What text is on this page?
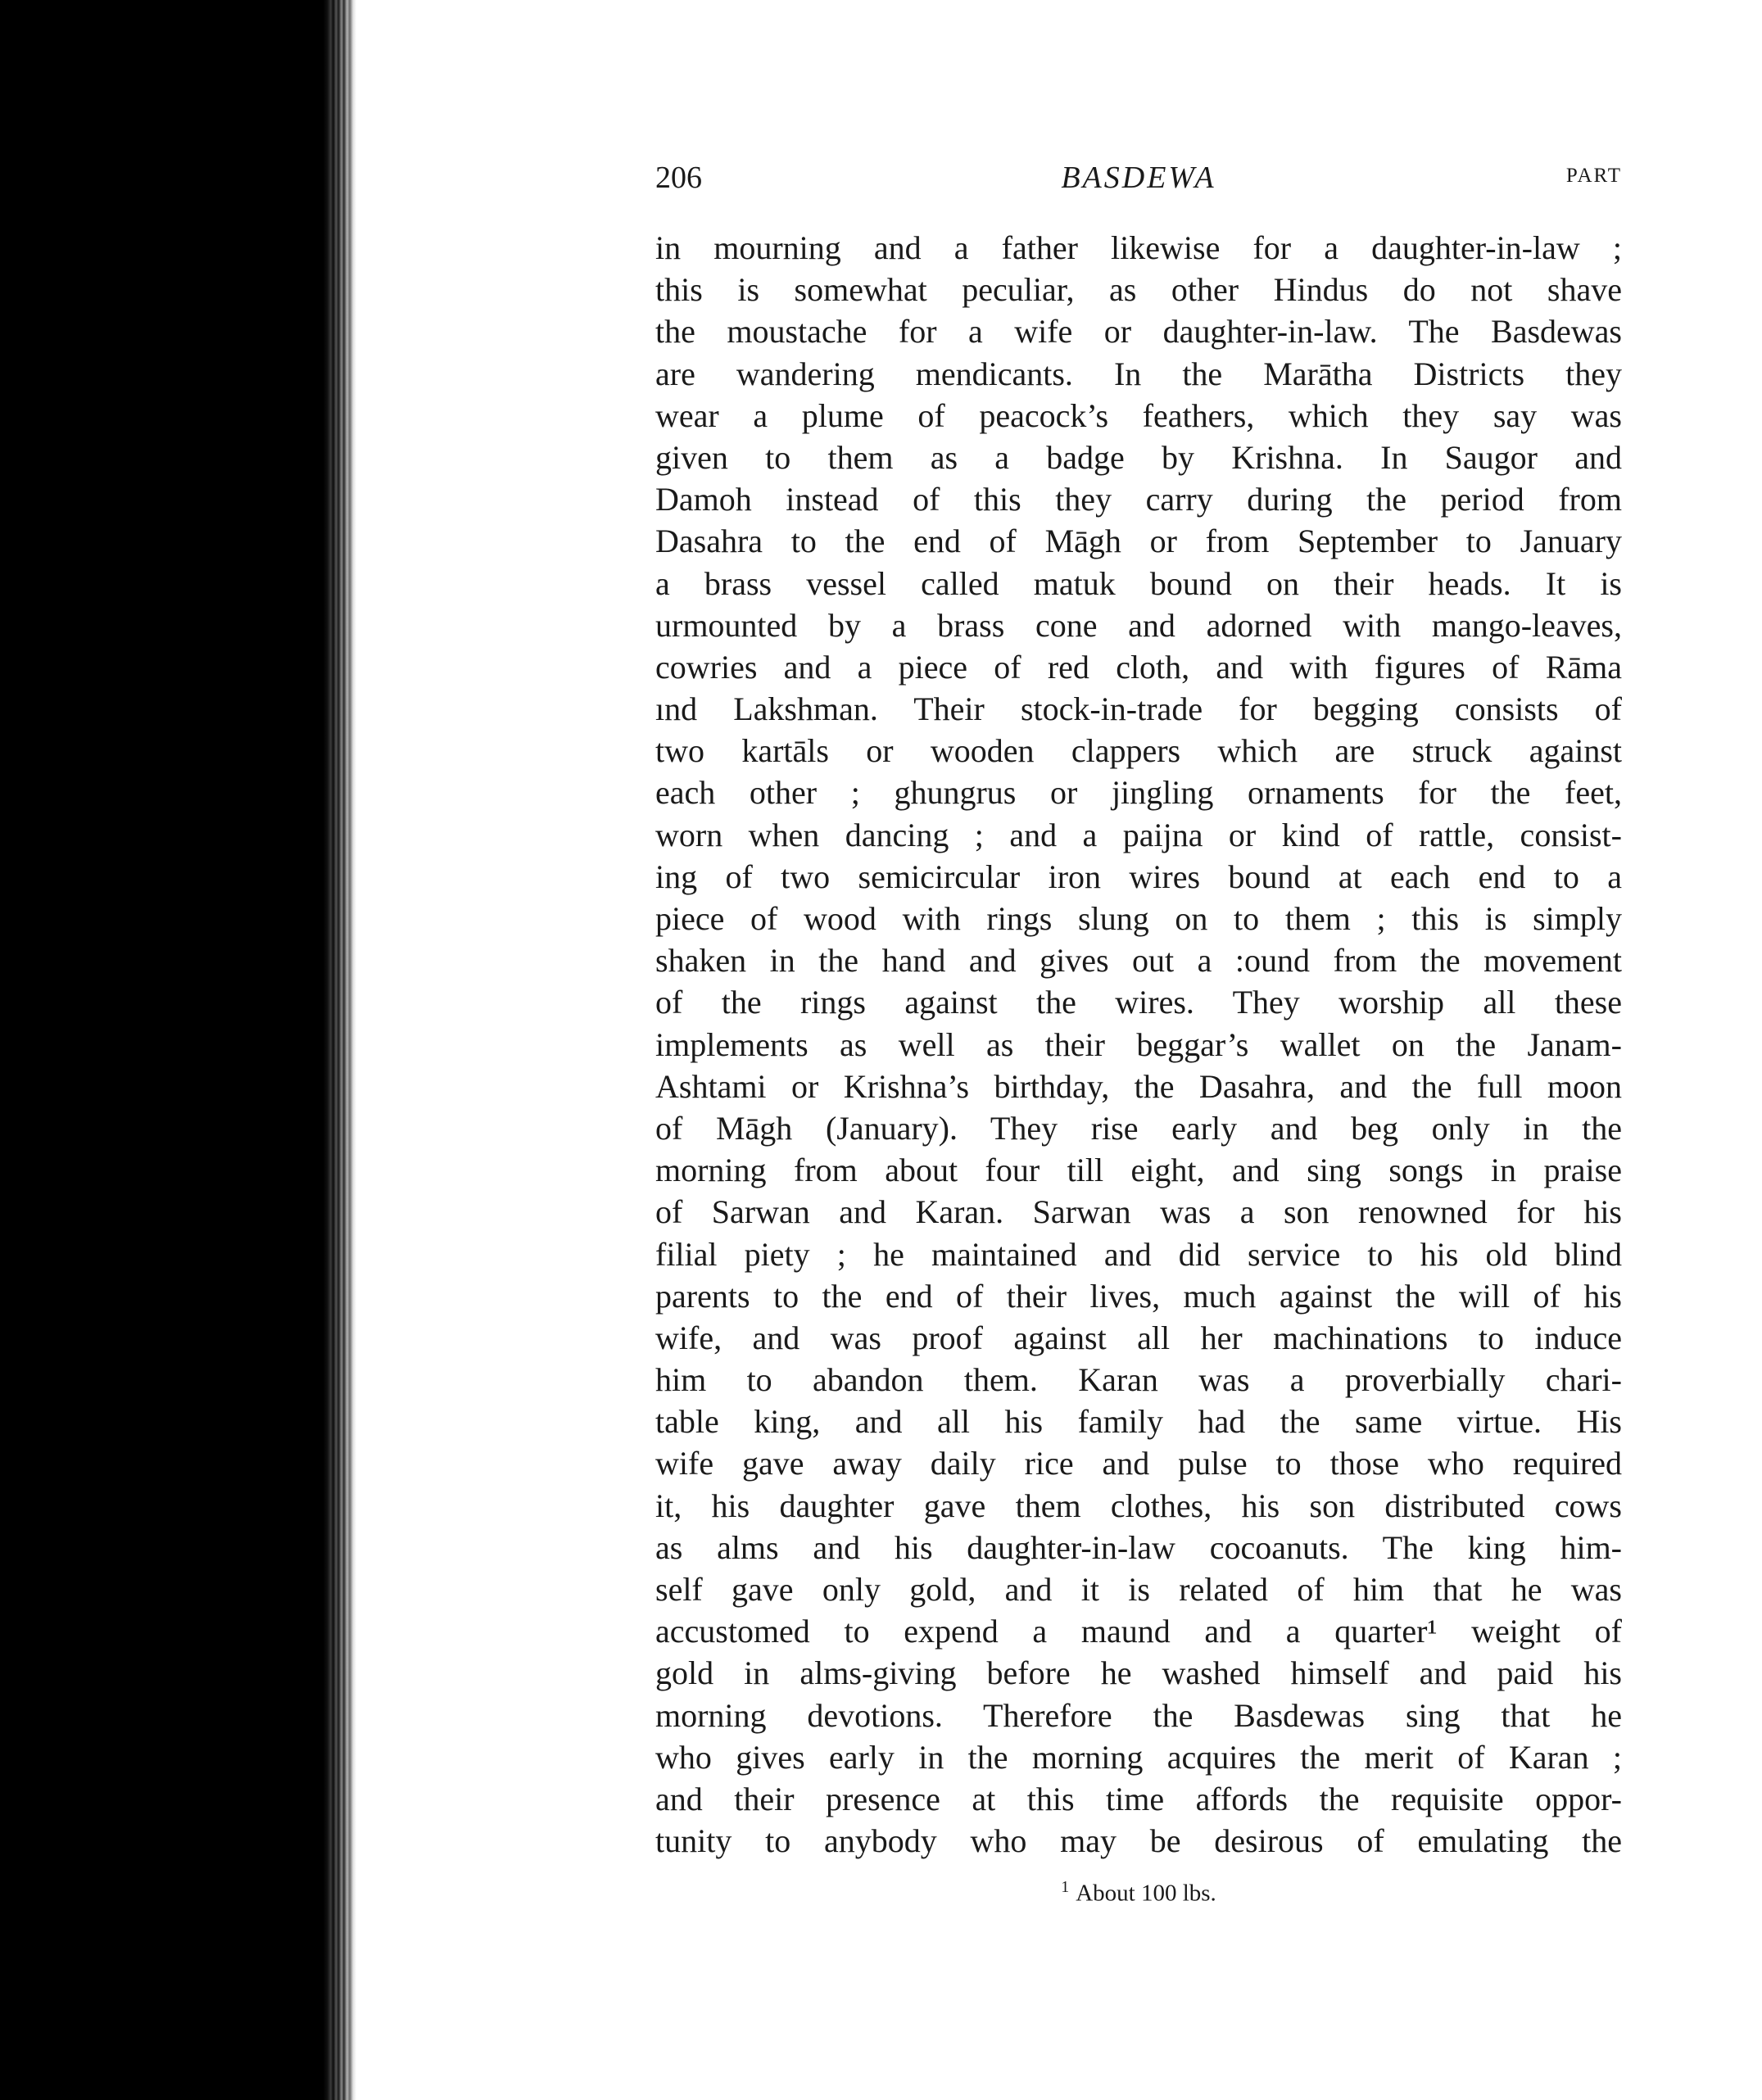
206	BASDEWA	PART
in mourning and a father likewise for a daughter-in-law ;
this is somewhat peculiar, as other Hindus do not shave
the moustache for a wife or daughter-in-law. The Basdewas
are wandering mendicants. In the Marātha Districts they
wear a plume of peacock’s feathers, which they say was
given to them as a badge by Krishna. In Saugor and
Damoh instead of this they carry during the period from
Dasahra to the end of Māgh or from September to January
a brass vessel called matuk bound on their heads. It is
urmounted by a brass cone and adorned with mango-leaves,
cowries and a piece of red cloth, and with figures of Rāma
ınd Lakshman. Their stock-in-trade for begging consists of
two kartāls or wooden clappers which are struck against
each other ; ghungrus or jingling ornaments for the feet,
worn when dancing ; and a paijna or kind of rattle, consist-
ing of two semicircular iron wires bound at each end to a
piece of wood with rings slung on to them ; this is simply
shaken in the hand and gives out a :ound from the movement
of the rings against the wires. They worship all these
implements as well as their beggar’s wallet on the Janam-
Ashtami or Krishna’s birthday, the Dasahra, and the full moon
of Māgh (January). They rise early and beg only in the
morning from about four till eight, and sing songs in praise
of Sarwan and Karan. Sarwan was a son renowned for his
filial piety ; he maintained and did service to his old blind
parents to the end of their lives, much against the will of his
wife, and was proof against all her machinations to induce
him to abandon them. Karan was a proverbially chari-
table king, and all his family had the same virtue. His
wife gave away daily rice and pulse to those who required
it, his daughter gave them clothes, his son distributed cows
as alms and his daughter-in-law cocoanuts. The king him-
self gave only gold, and it is related of him that he was
accustomed to expend a maund and a quarter¹ weight of
gold in alms-giving before he washed himself and paid his
morning devotions. Therefore the Basdewas sing that he
who gives early in the morning acquires the merit of Karan ;
and their presence at this time affords the requisite oppor-
tunity to anybody who may be desirous of emulating the
$^1$ About 100 lbs.
